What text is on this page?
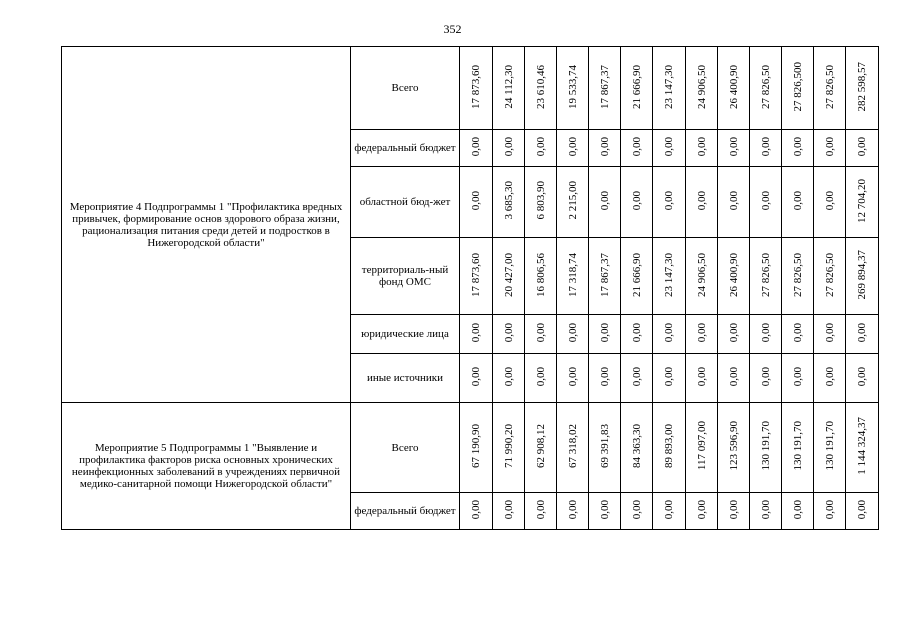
352
Мероприятие 4 Подпрограммы 1 "Профилактика вредных привычек, формирование основ здорового образа жизни, рационализация питания среди детей и подростков в Нижегородской области"	Всего	17 873,60	24 112,30	23 610,46	19 533,74	17 867,37	21 666,90	23 147,30	24 906,50	26 400,90	27 826,50	27 826,500	27 826,50	282 598,57
	федеральный бюджет	0,00	0,00	0,00	0,00	0,00	0,00	0,00	0,00	0,00	0,00	0,00	0,00	0,00
	областной бюд-жет	0,00	3 685,30	6 803,90	2 215,00	0,00	0,00	0,00	0,00	0,00	0,00	0,00	0,00	12 704,20
	территориаль-ный фонд ОМС	17 873,60	20 427,00	16 806,56	17 318,74	17 867,37	21 666,90	23 147,30	24 906,50	26 400,90	27 826,50	27 826,50	27 826,50	269 894,37
	юридические лица	0,00	0,00	0,00	0,00	0,00	0,00	0,00	0,00	0,00	0,00	0,00	0,00	0,00
	иные источники	0,00	0,00	0,00	0,00	0,00	0,00	0,00	0,00	0,00	0,00	0,00	0,00	0,00
Мероприятие 5 Подпрограммы 1 "Выявление и профилактика факторов риска основных хронических неинфекционных заболеваний в учреждениях первичной медико-санитарной помощи Нижегородской области"	Всего	67 190,90	71 990,20	62 908,12	67 318,02	69 391,83	84 363,30	89 893,00	117 097,00	123 596,90	130 191,70	130 191,70	130 191,70	1 144 324,37
	федеральный бюджет	0,00	0,00	0,00	0,00	0,00	0,00	0,00	0,00	0,00	0,00	0,00	0,00	0,00
